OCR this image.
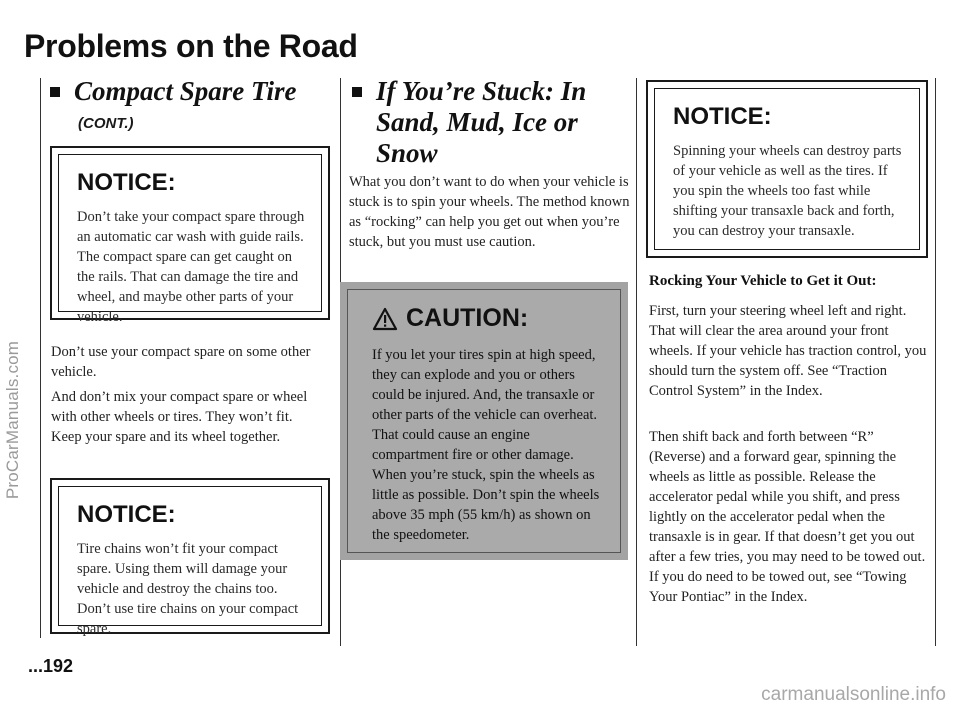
ProCarManuals.com
Problems on the Road
Compact Spare Tire
(CONT.)
NOTICE:
Don’t take your compact spare through an automatic car wash with guide rails. The compact spare can get caught on the rails. That can damage the tire and wheel, and maybe other parts of your vehicle.
Don’t use your compact spare on some other vehicle.
And don’t mix your compact spare or wheel with other wheels or tires. They won’t fit. Keep your spare and its wheel together.
NOTICE:
Tire chains won’t fit your compact spare. Using them will damage your vehicle and destroy the chains too. Don’t use tire chains on your compact spare.
...192
If You’re Stuck: In Sand, Mud, Ice or Snow
What you don’t want to do when your vehicle is stuck is to spin your wheels. The method known as “rocking” can help you get out when you’re stuck, but you must use caution.
CAUTION:
If you let your tires spin at high speed, they can explode and you or others could be injured. And, the transaxle or other parts of the vehicle can overheat. That could cause an engine compartment fire or other damage. When you’re stuck, spin the wheels as little as possible. Don’t spin the wheels above 35 mph (55 km/h) as shown on the speedometer.
NOTICE:
Spinning your wheels can destroy parts of your vehicle as well as the tires. If you spin the wheels too fast while shifting your transaxle back and forth, you can destroy your transaxle.
Rocking Your Vehicle to Get it Out:
First, turn your steering wheel left and right. That will clear the area around your front wheels. If your vehicle has traction control, you should turn the system off. See “Traction Control System” in the Index.
Then shift back and forth between “R” (Reverse) and a forward gear, spinning the wheels as little as possible. Release the accelerator pedal while you shift, and press lightly on the accelerator pedal when the transaxle is in gear. If that doesn’t get you out after a few tries, you may need to be towed out. If you do need to be towed out, see “Towing Your Pontiac” in the Index.
carmanualsonline.info
